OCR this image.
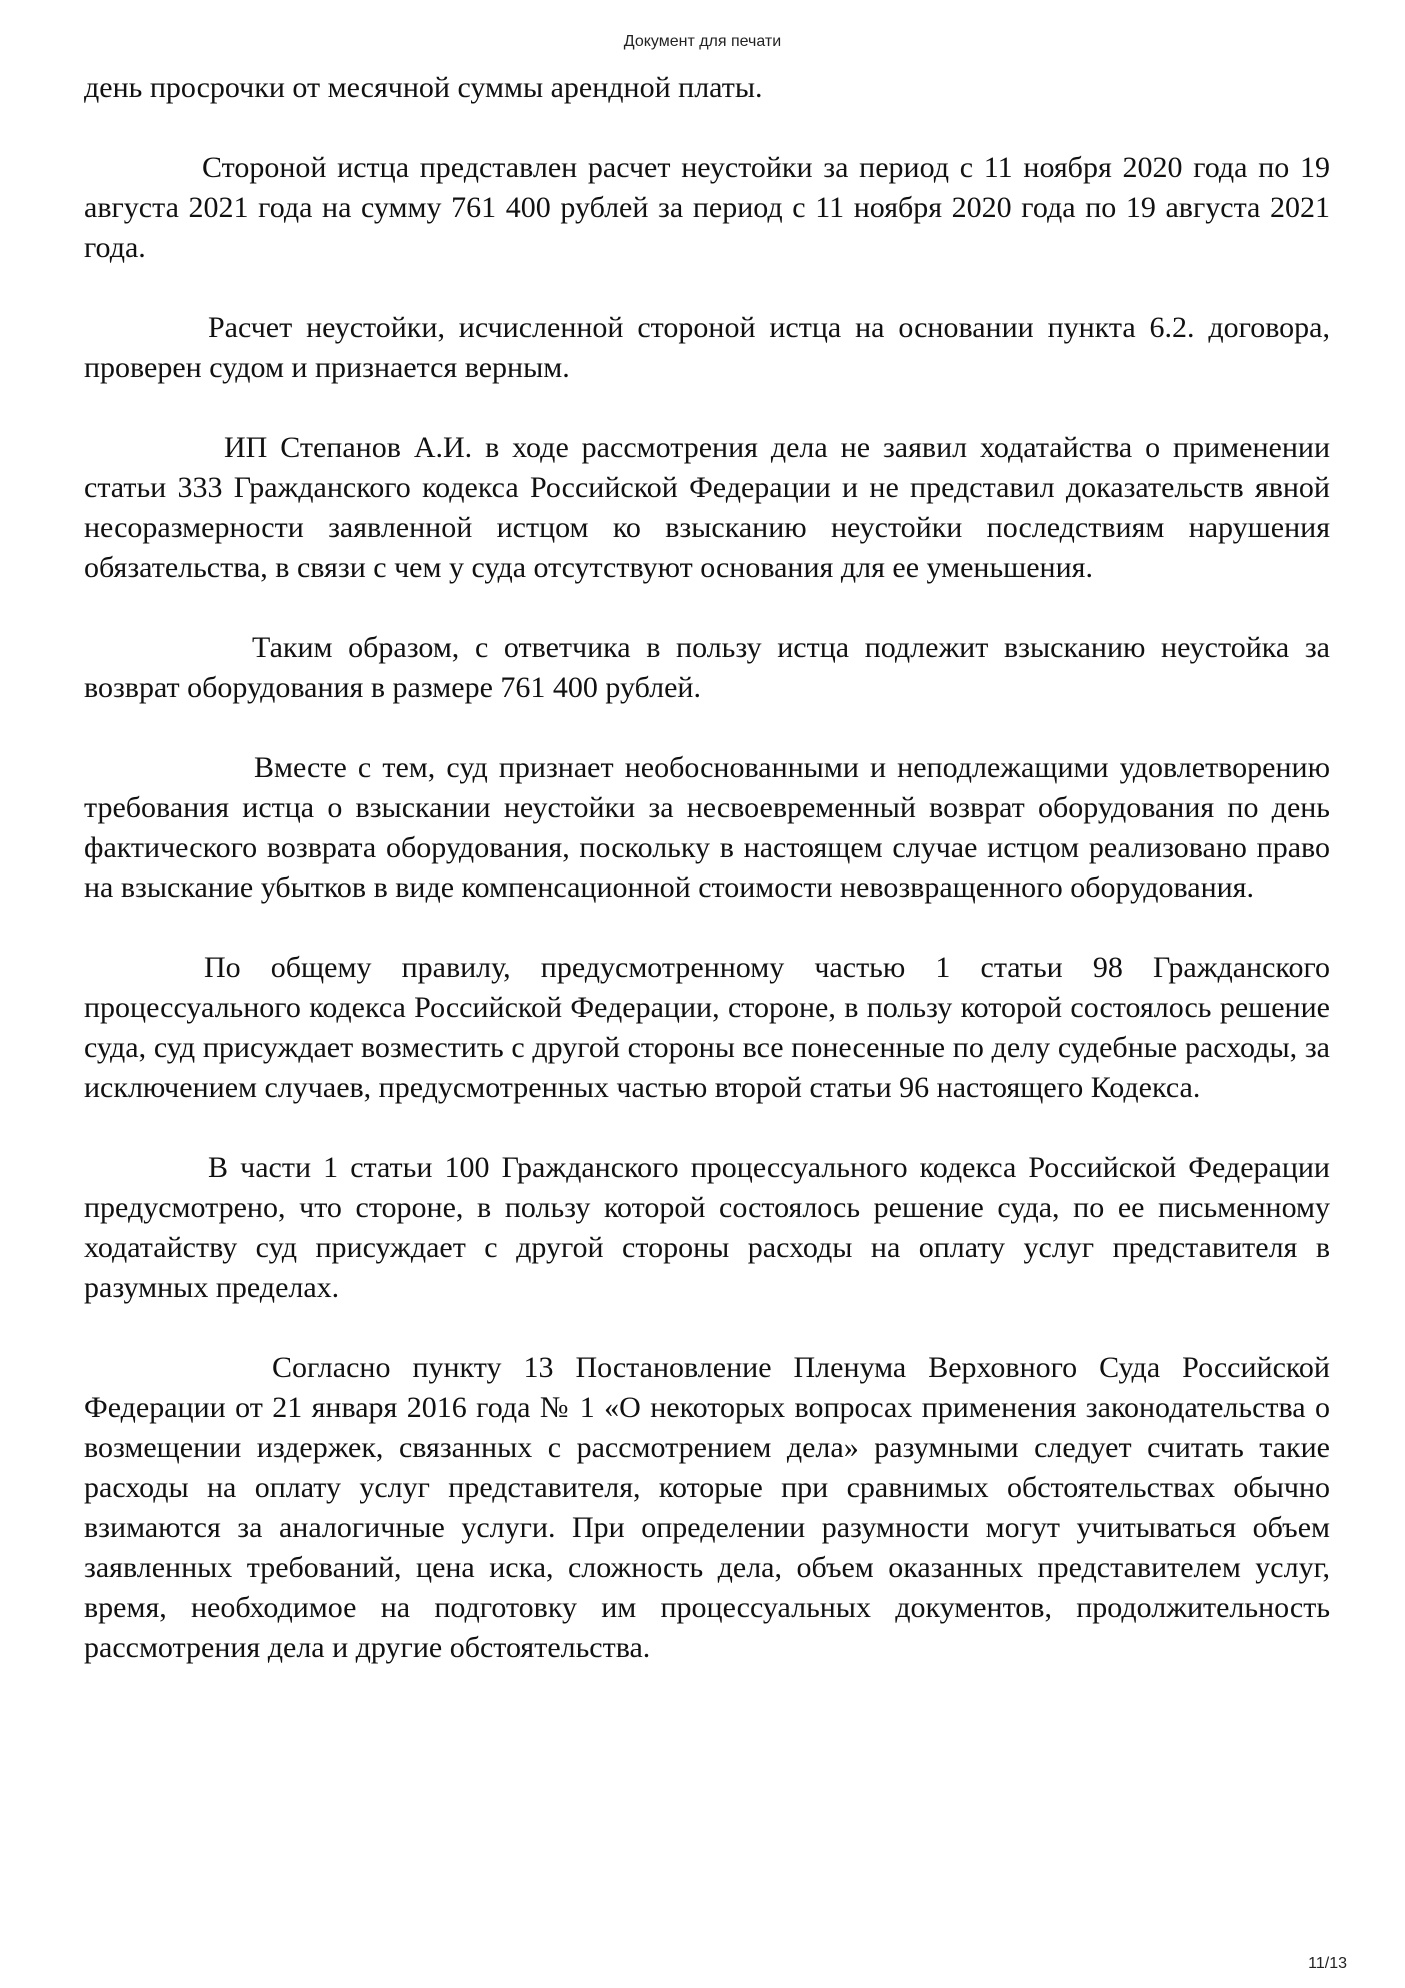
Документ для печати

день просрочки от месячной суммы арендной платы.

Стороной истца представлен расчет неустойки за период с 11 ноября 2020 года по 19 августа 2021 года на сумму 761 400 рублей за период с 11 ноября 2020 года по 19 августа 2021 года.

Расчет неустойки, исчисленной стороной истца на основании пункта 6.2. договора, проверен судом и признается верным.

ИП Степанов А.И. в ходе рассмотрения дела не заявил ходатайства о применении статьи 333 Гражданского кодекса Российской Федерации и не представил доказательств явной несоразмерности заявленной истцом ко взысканию неустойки последствиям нарушения обязательства, в связи с чем у суда отсутствуют основания для ее уменьшения.

Таким образом, с ответчика в пользу истца подлежит взысканию неустойка за возврат оборудования в размере 761 400 рублей.

Вместе с тем, суд признает необоснованными и неподлежащими удовлетворению требования истца о взыскании неустойки за несвоевременный возврат оборудования по день фактического возврата оборудования, поскольку в настоящем случае истцом реализовано право на взыскание убытков в виде компенсационной стоимости невозвращенного оборудования.

По общему правилу, предусмотренному частью 1 статьи 98 Гражданского процессуального кодекса Российской Федерации, стороне, в пользу которой состоялось решение суда, суд присуждает возместить с другой стороны все понесенные по делу судебные расходы, за исключением случаев, предусмотренных частью второй статьи 96 настоящего Кодекса.

В части 1 статьи 100 Гражданского процессуального кодекса Российской Федерации предусмотрено, что стороне, в пользу которой состоялось решение суда, по ее письменному ходатайству суд присуждает с другой стороны расходы на оплату услуг представителя в разумных пределах.

Согласно пункту 13 Постановление Пленума Верховного Суда Российской Федерации от 21 января 2016 года № 1 «О некоторых вопросах применения законодательства о возмещении издержек, связанных с рассмотрением дела» разумными следует считать такие расходы на оплату услуг представителя, которые при сравнимых обстоятельствах обычно взимаются за аналогичные услуги. При определении разумности могут учитываться объем заявленных требований, цена иска, сложность дела, объем оказанных представителем услуг, время, необходимое на подготовку им процессуальных документов, продолжительность рассмотрения дела и другие обстоятельства.

11/13
